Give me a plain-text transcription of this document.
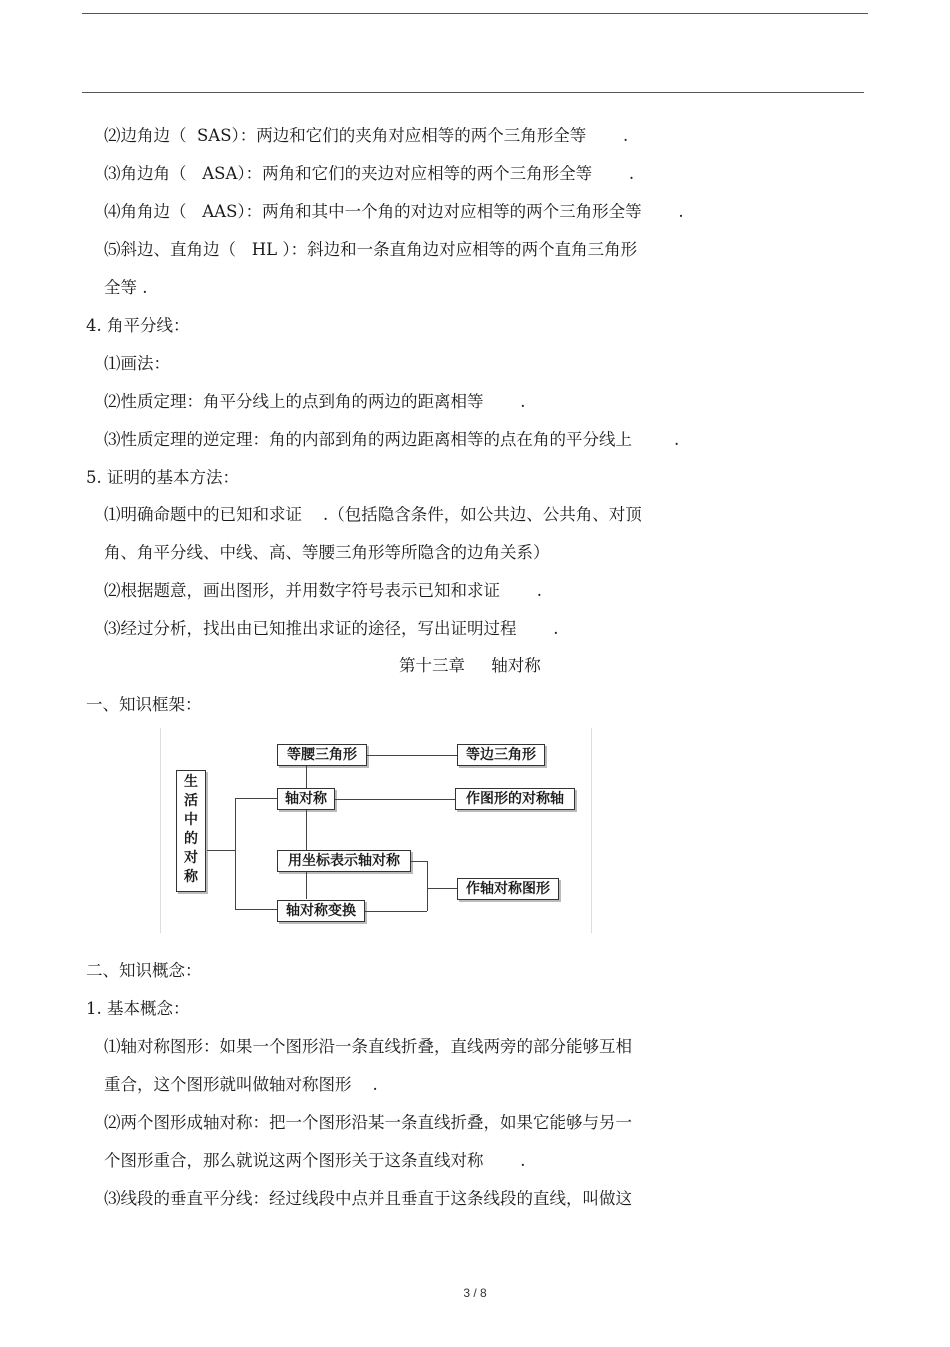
⑵边角边（  SAS）：两边和它们的夹角对应相等的两个三角形全等       .
⑶角边角（   ASA）：两角和它们的夹边对应相等的两个三角形全等       .
⑷角角边（   AAS）：两角和其中一个角的对边对应相等的两个三角形全等       .
⑸斜边、直角边（   HL ）：斜边和一条直角边对应相等的两个直角三角形
全等 .
4. 角平分线：
⑴画法：
⑵性质定理：角平分线上的点到角的两边的距离相等       .
⑶性质定理的逆定理：角的内部到角的两边距离相等的点在角的平分线上        .
5. 证明的基本方法：
⑴明确命题中的已知和求证    .（包括隐含条件，如公共边、公共角、对顶
角、角平分线、中线、高、等腰三角形等所隐含的边角关系）
⑵根据题意，画出图形，并用数字符号表示已知和求证       .
⑶经过分析，找出由已知推出求证的途径，写出证明过程       .
第十三章     轴对称
一、知识框架：
生
活
中
的
对
称
等腰三角形	等边三角形
轴对称	作图形的对称轴
用坐标表示轴对称
轴对称变换
作轴对称图形
二、知识概念：
1. 基本概念：
⑴轴对称图形：如果一个图形沿一条直线折叠，直线两旁的部分能够互相
重合，这个图形就叫做轴对称图形    .
⑵两个图形成轴对称：把一个图形沿某一条直线折叠，如果它能够与另一
个图形重合，那么就说这两个图形关于这条直线对称       .
⑶线段的垂直平分线：经过线段中点并且垂直于这条线段的直线，叫做这
3 / 8
